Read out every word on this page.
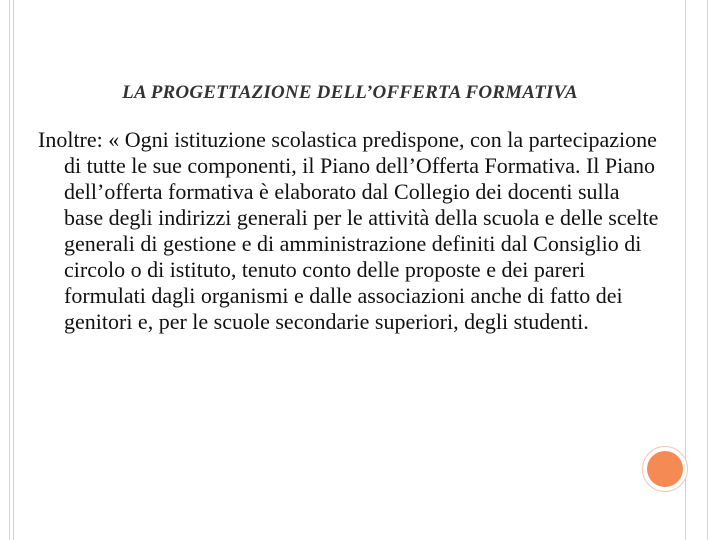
LA PROGETTAZIONE DELL’OFFERTA FORMATIVA

Inoltre: « Ogni istituzione scolastica predispone, con la partecipazione di tutte le sue componenti, il Piano dell’Offerta Formativa. Il Piano dell’offerta formativa è elaborato dal Collegio dei docenti sulla base degli indirizzi generali per le attività della scuola e delle scelte generali di gestione e di amministrazione definiti dal Consiglio di circolo o di istituto, tenuto conto delle proposte e dei pareri formulati dagli organismi e dalle associazioni anche di fatto dei genitori e, per le scuole secondarie superiori, degli studenti.
